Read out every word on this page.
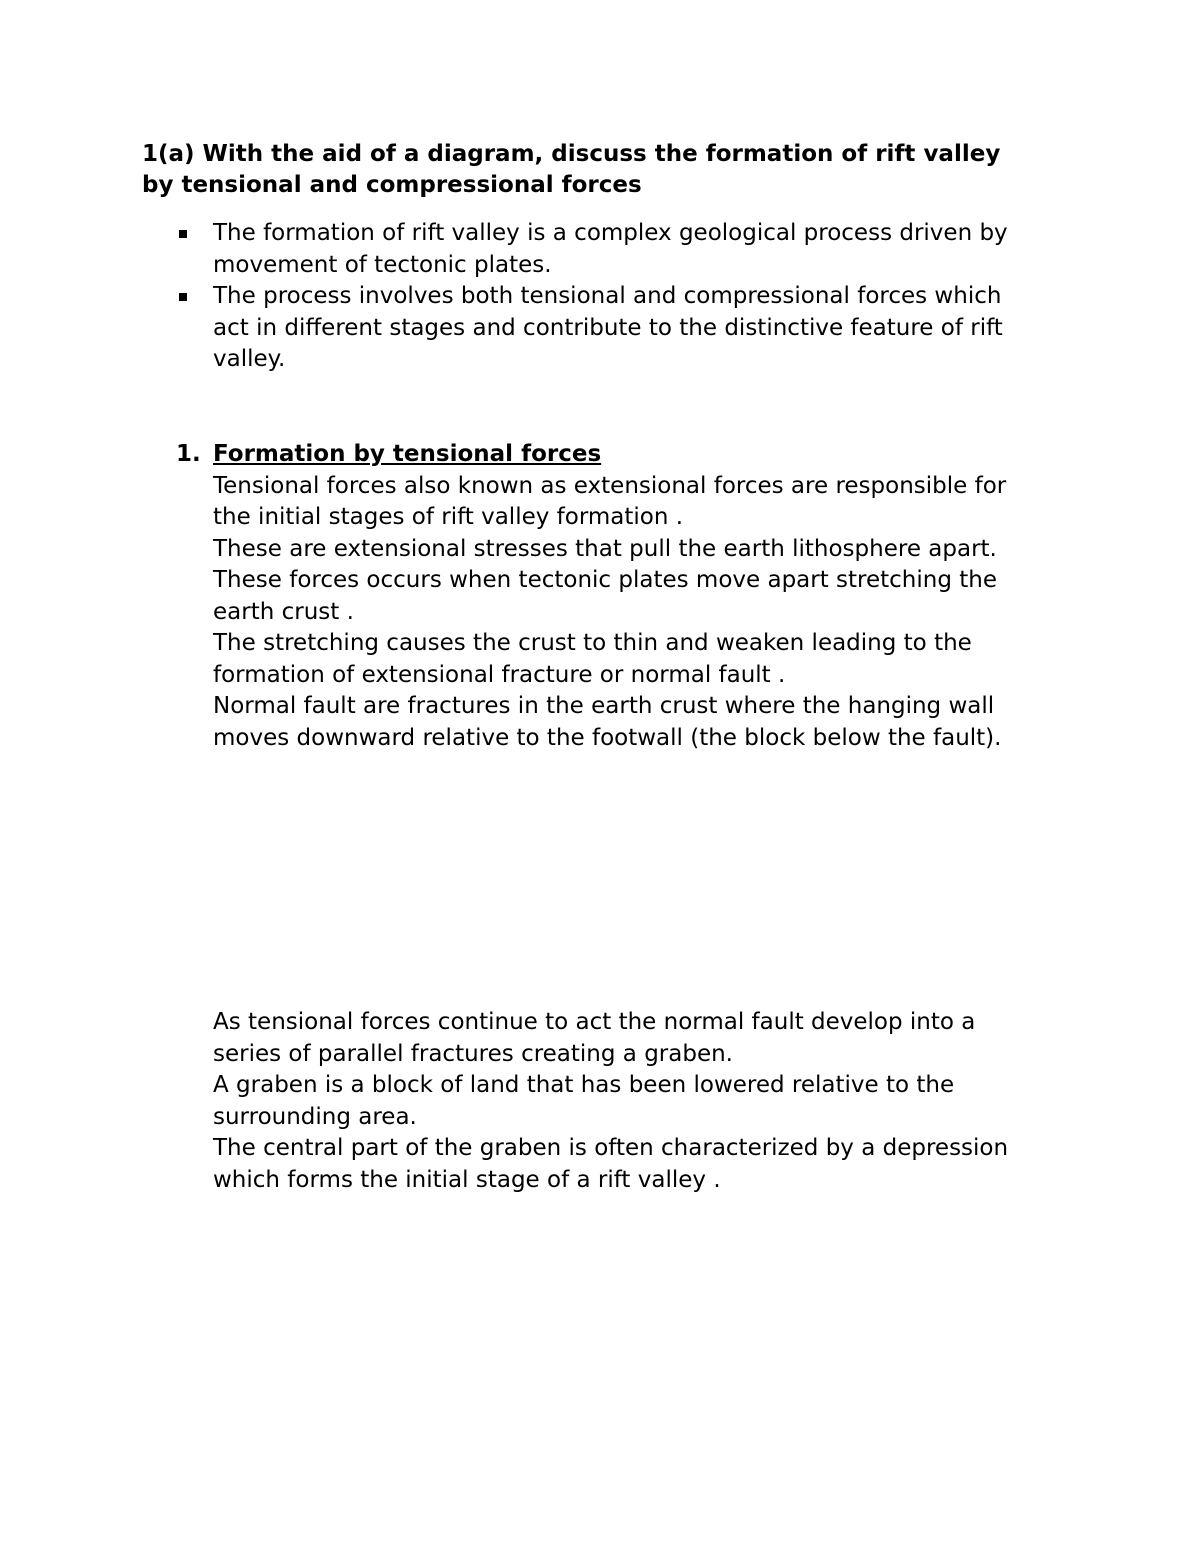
1(a) With the aid of a diagram, discuss the formation of rift valley
by tensional and compressional forces
The formation of rift valley is a complex geological process driven by
movement of tectonic plates.
The process involves both tensional and compressional forces which
act in different stages and contribute to the distinctive feature of rift
valley.
1. Formation by tensional forces
Tensional forces also known as extensional forces are responsible for
the initial stages of rift valley formation .
These are extensional stresses that pull the earth lithosphere apart.
These forces occurs when tectonic plates move apart stretching the
earth crust .
The stretching causes the crust to thin and weaken leading to the
formation of extensional fracture or normal fault .
Normal fault are fractures in the earth crust where the hanging wall
moves downward relative to the footwall (the block below the fault).
As tensional forces continue to act the normal fault develop into a
series of parallel fractures creating a graben.
A graben is a block of land that has been lowered relative to the
surrounding area.
The central part of the graben is often characterized by a depression
which forms the initial stage of a rift valley .
